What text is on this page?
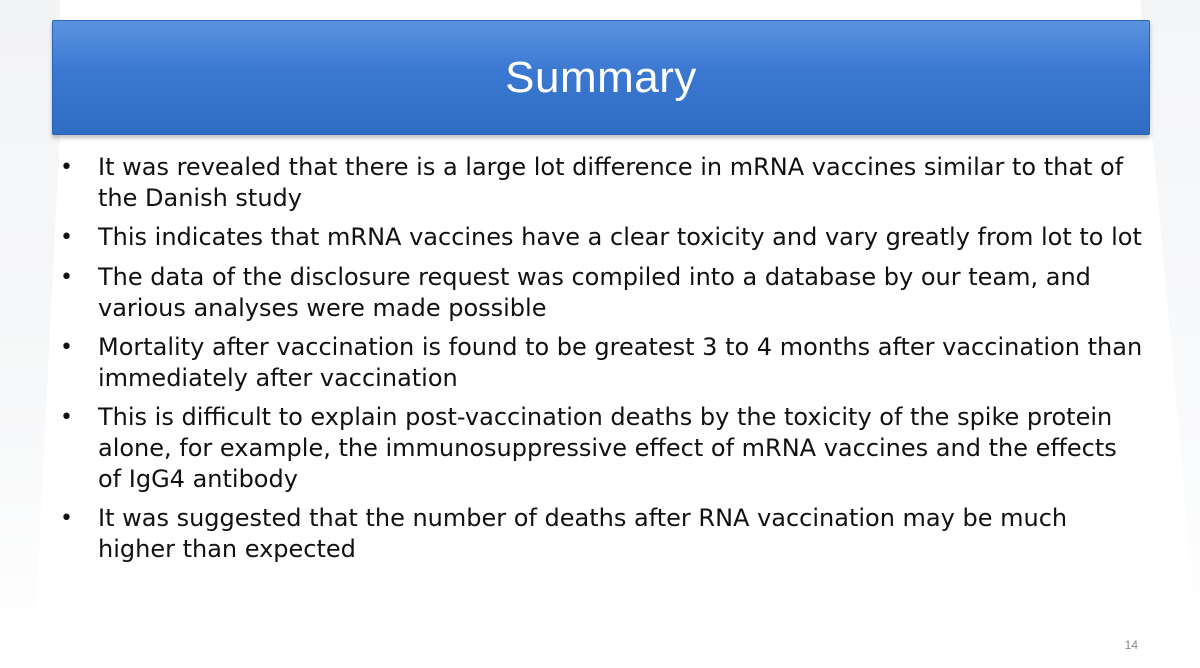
Summary
•	It was revealed that there is a large lot difference in mRNA vaccines similar to that of the Danish study
•	This indicates that mRNA vaccines have a clear toxicity and vary greatly from lot to lot
•	The data of the disclosure request was compiled into a database by our team, and various analyses were made possible
•	Mortality after vaccination is found to be greatest 3 to 4 months after vaccination than immediately after vaccination
•	This is difficult to explain post-vaccination deaths by the toxicity of the spike protein alone, for example, the immunosuppressive effect of mRNA vaccines and the effects of IgG4 antibody
•	It was suggested that the number of deaths after RNA vaccination may be much higher than expected
14
